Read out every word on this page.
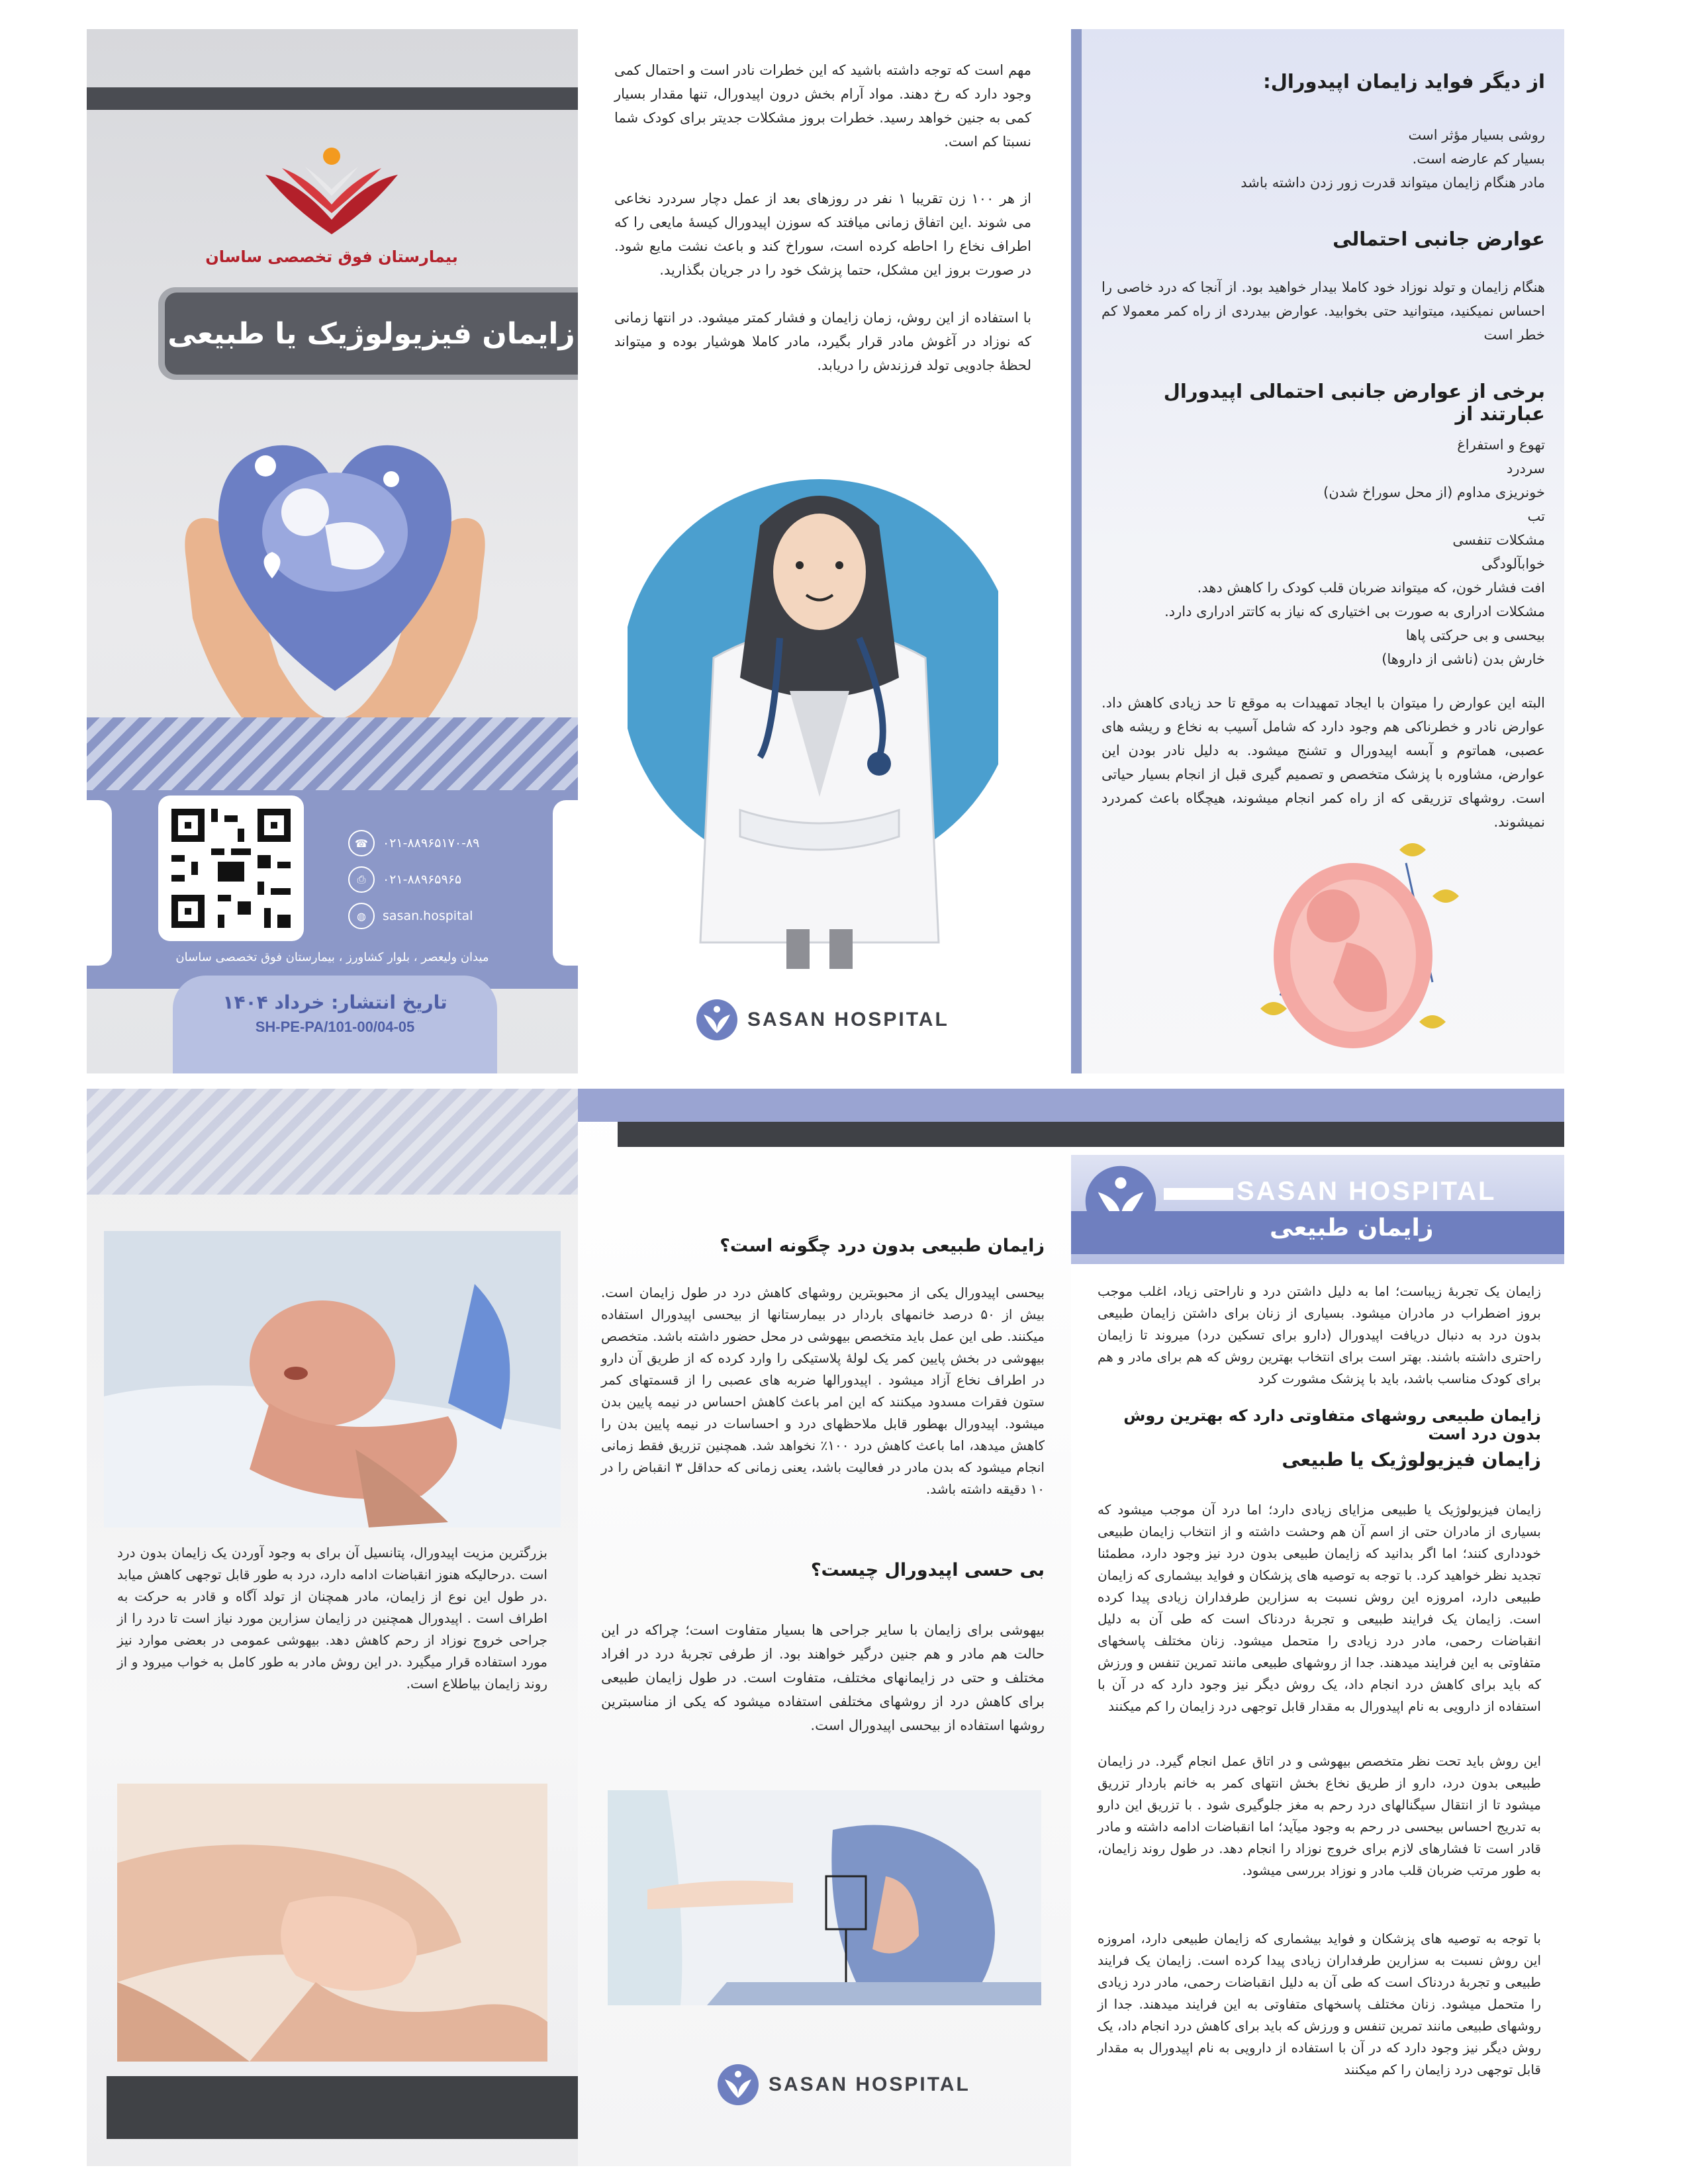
بیمارستان فوق تخصصی ساسان
زایمان فیزیولوژیک یا طبیعی
☎	۰۲۱-۸۸۹۶۵۱۷۰-۸۹
⎙	۰۲۱-۸۸۹۶۵۹۶۵
◍	sasan.hospital
میدان ولیعصر ، بلوار کشاورز ، بیمارستان فوق تخصصی ساسان
تاریخ انتشار: خرداد ۱۴۰۴
SH-PE-PA/101-00/04-05
مهم است که توجه داشته باشید که این خطرات نادر است و احتمال کمی وجود دارد که رخ دهند. مواد آرام بخش درون اپیدورال، تنها مقدار بسیار کمی به جنین خواهد رسید. خطرات بروز مشکلات جدیتر برای کودک شما نسبتا کم است.
از هر ۱۰۰ زن تقریبا ۱ نفر در روزهای بعد از عمل دچار سردرد نخاعی می شوند .این اتفاق زمانی میافتد که سوزن اپیدورال کیسهٔ مایعی را که اطراف نخاع را احاطه کرده است، سوراخ کند و باعث نشت مایع شود. در صورت بروز این مشکل، حتما پزشک خود را در جریان بگذارید.
با استفاده از این روش، زمان زایمان و فشار کمتر میشود. در انتها زمانی که نوزاد در آغوش مادر قرار بگیرد، مادر کاملا هوشیار بوده و میتواند لحظهٔ جادویی تولد فرزندش را دریابد.
SASAN HOSPITAL
از دیگر فواید زایمان اپیدورال:
روشی بسیار مؤثر است
بسیار کم عارضه است.
مادر هنگام زایمان میتواند قدرت زور زدن داشته باشد
عوارض جانبی احتمالی
هنگام زایمان و تولد نوزاد خود کاملا بیدار خواهید بود. از آنجا که درد خاصی را احساس نمیکنید، میتوانید حتی بخوابید. عوارض بیدردی از راه کمر معمولا کم خطر است
برخی از عوارض جانبی احتمالی اپیدورال عبارتند از
تهوع و استفراغ
سردرد
خونریزی مداوم (از محل سوراخ شدن)
تب
مشکلات تنفسی
خوابآلودگی
افت فشار خون، که میتواند ضربان قلب کودک را کاهش دهد.
مشکلات ادراری به صورت بی اختیاری که نیاز به کاتتر ادراری دارد.
بیحسی و بی حرکتی پاها
خارش بدن (ناشی از داروها)
البته این عوارض را میتوان با ایجاد تمهیدات به موقع تا حد زیادی کاهش داد. عوارض نادر و خطرناکی هم وجود دارد که شامل آسیب به نخاع و ریشه های عصبی، هماتوم و آبسه اپیدورال و تشنج میشود. به دلیل نادر بودن این عوارض، مشاوره با پزشک متخصص و تصمیم گیری قبل از انجام بسیار حیاتی است. روشهای تزریقی که از راه کمر انجام میشوند، هیچگاه باعث کمردرد نمیشوند.
بزرگترین مزیت اپیدورال، پتانسیل آن برای به وجود آوردن یک زایمان بدون درد است .درحالیکه هنوز انقباضات ادامه دارد، درد به طور قابل توجهی کاهش میابد .در طول این نوع از زایمان، مادر همچنان از تولد آگاه و قادر به حرکت به اطراف است . اپیدورال همچنین در زایمان سزارین مورد نیاز است تا درد را از جراحی خروج نوزاد از رحم کاهش دهد. بیهوشی عمومی در بعضی موارد نیز مورد استفاده قرار میگیرد .در این روش مادر به طور کامل به خواب میرود و از روند زایمان بیاطلاع است.
زایمان طبیعی بدون درد چگونه است؟
بیحسی اپیدورال یکی از محبوبترین روشهای کاهش درد در طول زایمان است. بیش از ۵۰ درصد خانمهای باردار در بیمارستانها از بیحسی اپیدورال استفاده میکنند. طی این عمل باید متخصص بیهوشی در محل حضور داشته باشد. متخصص بیهوشی در بخش پایین کمر یک لولهٔ پلاستیکی را وارد کرده که از طریق آن دارو در اطراف نخاع آزاد میشود . اپیدورالها ضربه های عصبی را از قسمتهای کمر ستون فقرات مسدود میکنند که این امر باعث کاهش احساس در نیمه پایین بدن میشود. اپیدورال بهطور قابل ملاحظهای درد و احساسات در نیمه پایین بدن را کاهش میدهد، اما باعث کاهش درد ۱۰۰٪ نخواهد شد. همچنین تزریق فقط زمانی انجام میشود که بدن مادر در فعالیت باشد، یعنی زمانی که حداقل ۳ انقباض را در ۱۰ دقیقه داشته باشد.
بی حسی اپیدورال چیست؟
بیهوشی برای زایمان با سایر جراحی ها بسیار متفاوت است؛ چراکه در این حالت هم مادر و هم جنین درگیر خواهند بود. از طرفی تجربهٔ درد در افراد مختلف و حتی در زایمانهای مختلف، متفاوت است. در طول زایمان طبیعی برای کاهش درد از روشهای مختلفی استفاده میشود که یکی از مناسبترین روشها استفاده از بیحسی اپیدورال است.
SASAN HOSPITAL
SASAN HOSPITAL
زایمان طبیعی
زایمان یک تجربهٔ زیباست؛ اما به دلیل داشتن درد و ناراحتی زیاد، اغلب موجب بروز اضطراب در مادران میشود. بسیاری از زنان برای داشتن زایمان طبیعی بدون درد به دنبال دریافت اپیدورال (دارو برای تسکین درد) میروند تا زایمان راحتری داشته باشند. بهتر است برای انتخاب بهترین روش که هم برای مادر و هم برای کودک مناسب باشد، باید با پزشک مشورت کرد
زایمان طبیعی روشهای متفاوتی دارد که بهترین روش بدون درد است
زایمان فیزیولوژیک یا طبیعی
زایمان فیزیولوژیک یا طبیعی مزایای زیادی دارد؛ اما درد آن موجب میشود که بسیاری از مادران حتی از اسم آن هم وحشت داشته و از انتخاب زایمان طبیعی خودداری کنند؛ اما اگر بدانید که زایمان طبیعی بدون درد نیز وجود دارد، مطمئنا تجدید نظر خواهید کرد. با توجه به توصیه های پزشکان و فواید بیشماری که زایمان طبیعی دارد، امروزه این روش نسبت به سزارین طرفداران زیادی پیدا کرده است. زایمان یک فرایند طبیعی و تجربهٔ دردناک است که طی آن به دلیل انقباضات رحمی، مادر درد زیادی را متحمل میشود. زنان مختلف پاسخهای متفاوتی به این فرایند میدهند. جدا از روشهای طبیعی مانند تمرین تنفس و ورزش که باید برای کاهش درد انجام داد، یک روش دیگر نیز وجود دارد که در آن با استفاده از دارویی به نام اپیدورال به مقدار قابل توجهی درد زایمان را کم میکنند
این روش باید تحت نظر متخصص بیهوشی و در اتاق عمل انجام گیرد. در زایمان طبیعی بدون درد، دارو از طریق نخاع بخش انتهای کمر به خانم باردار تزریق میشود تا از انتقال سیگنالهای درد رحم به مغز جلوگیری شود . با تزریق این دارو به تدریج احساس بیحسی در رحم به وجود میآید؛ اما انقباضات ادامه داشته و مادر قادر است تا فشارهای لازم برای خروج نوزاد را انجام دهد. در طول روند زایمان، به طور مرتب ضربان قلب مادر و نوزاد بررسی میشود.
با توجه به توصیه های پزشکان و فواید بیشماری که زایمان طبیعی دارد، امروزه این روش نسبت به سزارین طرفداران زیادی پیدا کرده است. زایمان یک فرایند طبیعی و تجربهٔ دردناک است که طی آن به دلیل انقباضات رحمی، مادر درد زیادی را متحمل میشود. زنان مختلف پاسخهای متفاوتی به این فرایند میدهند. جدا از روشهای طبیعی مانند تمرین تنفس و ورزش که باید برای کاهش درد انجام داد، یک روش دیگر نیز وجود دارد که در آن با استفاده از دارویی به نام اپیدورال به مقدار قابل توجهی درد زایمان را کم میکنند
